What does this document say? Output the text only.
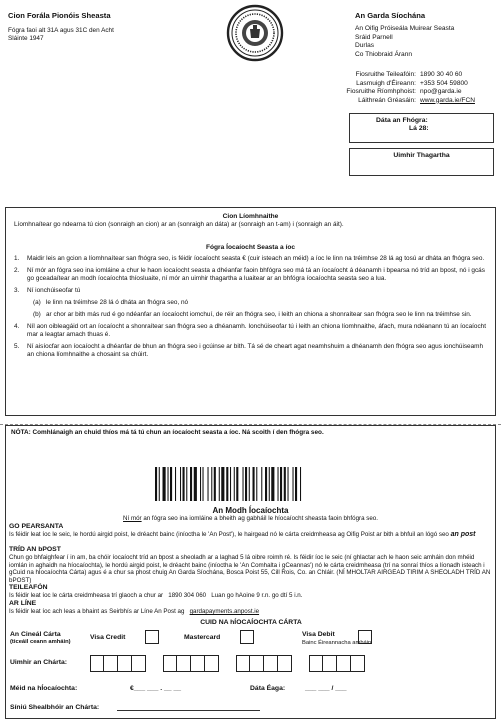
Cion Forála Pionóis Sheasta
Fógra faoi alt 31A agus 31C den Acht Sláinte 1947
An Garda Síochána
An Oifig Próiseála Muirear Seasta
Sráid Parnell
Durlas
Co Thiobraid Árann
Fiosruithe Teileafóin: 1890 30 40 60
Lasmuigh d'Éireann: +353 504 59800
Fiosruithe Ríomhphoist: npo@garda.ie
Láithreán Gréasáin: www.garda.ie/FCN
Dáta an Fhógra:
Lá 28:
Uimhir Thagartha
Cion Líomhnaithe
Líomhnaítear go ndearna tú cion (sonraigh an cion) ar an (sonraigh an dáta) ar (sonraigh an t-am) i (sonraigh an áit).
Fógra Íocaíocht Seasta a íoc
1.	Maidir leis an gcion a líomhnaítear san fhógra seo, is féidir íocaíocht seasta € (cuir isteach an méid) a íoc le linn na tréimhse 28 lá ag tosú ar dháta an fhógra seo.
2.	Ní mór an fógra seo ina iomláine a chur le haon íocaíocht seasta a dhéanfar faoin bhfógra seo má tá an íocaíocht á déanamh i bpearsa nó tríd an bpost, nó i gcás go gceadaítear an modh íocaíochta thíosluaite, ní mór an uimhir thagartha a luaitear ar an bhfógra íocaíochta seasta seo a lua.
3.	Ní ionchúiseofar tú
(a) le linn na tréimhse 28 lá ó dháta an fhógra seo, nó
(b) ar chor ar bith más rud é go ndéanfar an íocaíocht iomchuí, de réir an fhógra seo, i leith an chiona a shonraítear san fhógra seo le linn na tréimhse sin.
4.	Níl aon oibleagáid ort an íocaíocht a shonraítear san fhógra seo a dhéanamh. Ionchúiseofar tú i leith an chiona líomhnaithe, áfach, mura ndéanann tú an íocaíocht mar a leagtar amach thuas é.
5.	Ní aisíocfar aon íocaíocht a dhéanfar de bhun an fhógra seo i gcúinse ar bith. Tá sé de cheart agat neamhshuim a dhéanamh den fhógra seo agus ionchúiseamh an chiona líomhnaithe a chosaint sa chúirt.
NÓTA: Comhlánaigh an chuid thíos má tá tú chun an íocaíocht seasta a íoc. Ná scoith í den fhógra seo.
An Modh Íocaíochta
Ní mór an fógra seo ina iomláine a bheith ag gabháil le híocaíocht sheasta faoin bhfógra seo.
GO PEARSANTA
Is féidir leat íoc le seic, le hordú airgid poist, le dréacht bainc (iníoctha le 'An Post'), le hairgead nó le cárta creidmheasa ag Oifig Poist ar bith a bhfuil an lógó seo an post
TRÍD AN bPOST
Chun go bhfaighfear í in am, ba chóir íocaíocht tríd an bpost a sheoladh ar a laghad 5 lá oibre roimh ré. Is féidir íoc le seic (ní ghlactar ach le haon seic amháin don mhéid iomlán in aghaidh na híocaíochta), le hordú airgid poist, le dréacht bainc (iníoctha le 'An Comhalta i gCeannas') nó le cárta creidmheasa (trí na sonraí thíos a líonadh isteach i gCuid na hÍocaíochta Cárta) agus é a chur sa phost chuig An Garda Síochána, Bosca Poist 55, Cill Rois, Co. an Chláir. (NÍ MHOLTAR AIRGEAD TIRIM A SHEOLADH TRÍD AN bPOST)
TEILEAFÓN
Is féidir leat íoc le cárta creidmheasa trí glaoch a chur ar 1890 304 060 Luan go hAoine 9 r.n. go dtí 5 i.n.
AR LÍNE
Is féidir leat íoc ach leas a bhaint as Seirbhís ar Líne An Post ag gardapayments.anpost.ie
CUID NA hÍOCAÍOCHTA CÁRTA
An Cineál Cárta
(ticeáil ceann amháin)
Visa Credit	Mastercard	Visa Debit
Bainc Éireannacha amháin
Uimhir an Chárta:
Méid na hÍocaíochta:	€___ ___ . __ __	Dáta Éaga:	___ ___ / ___
Síniú Shealbhóir an Chárta:
